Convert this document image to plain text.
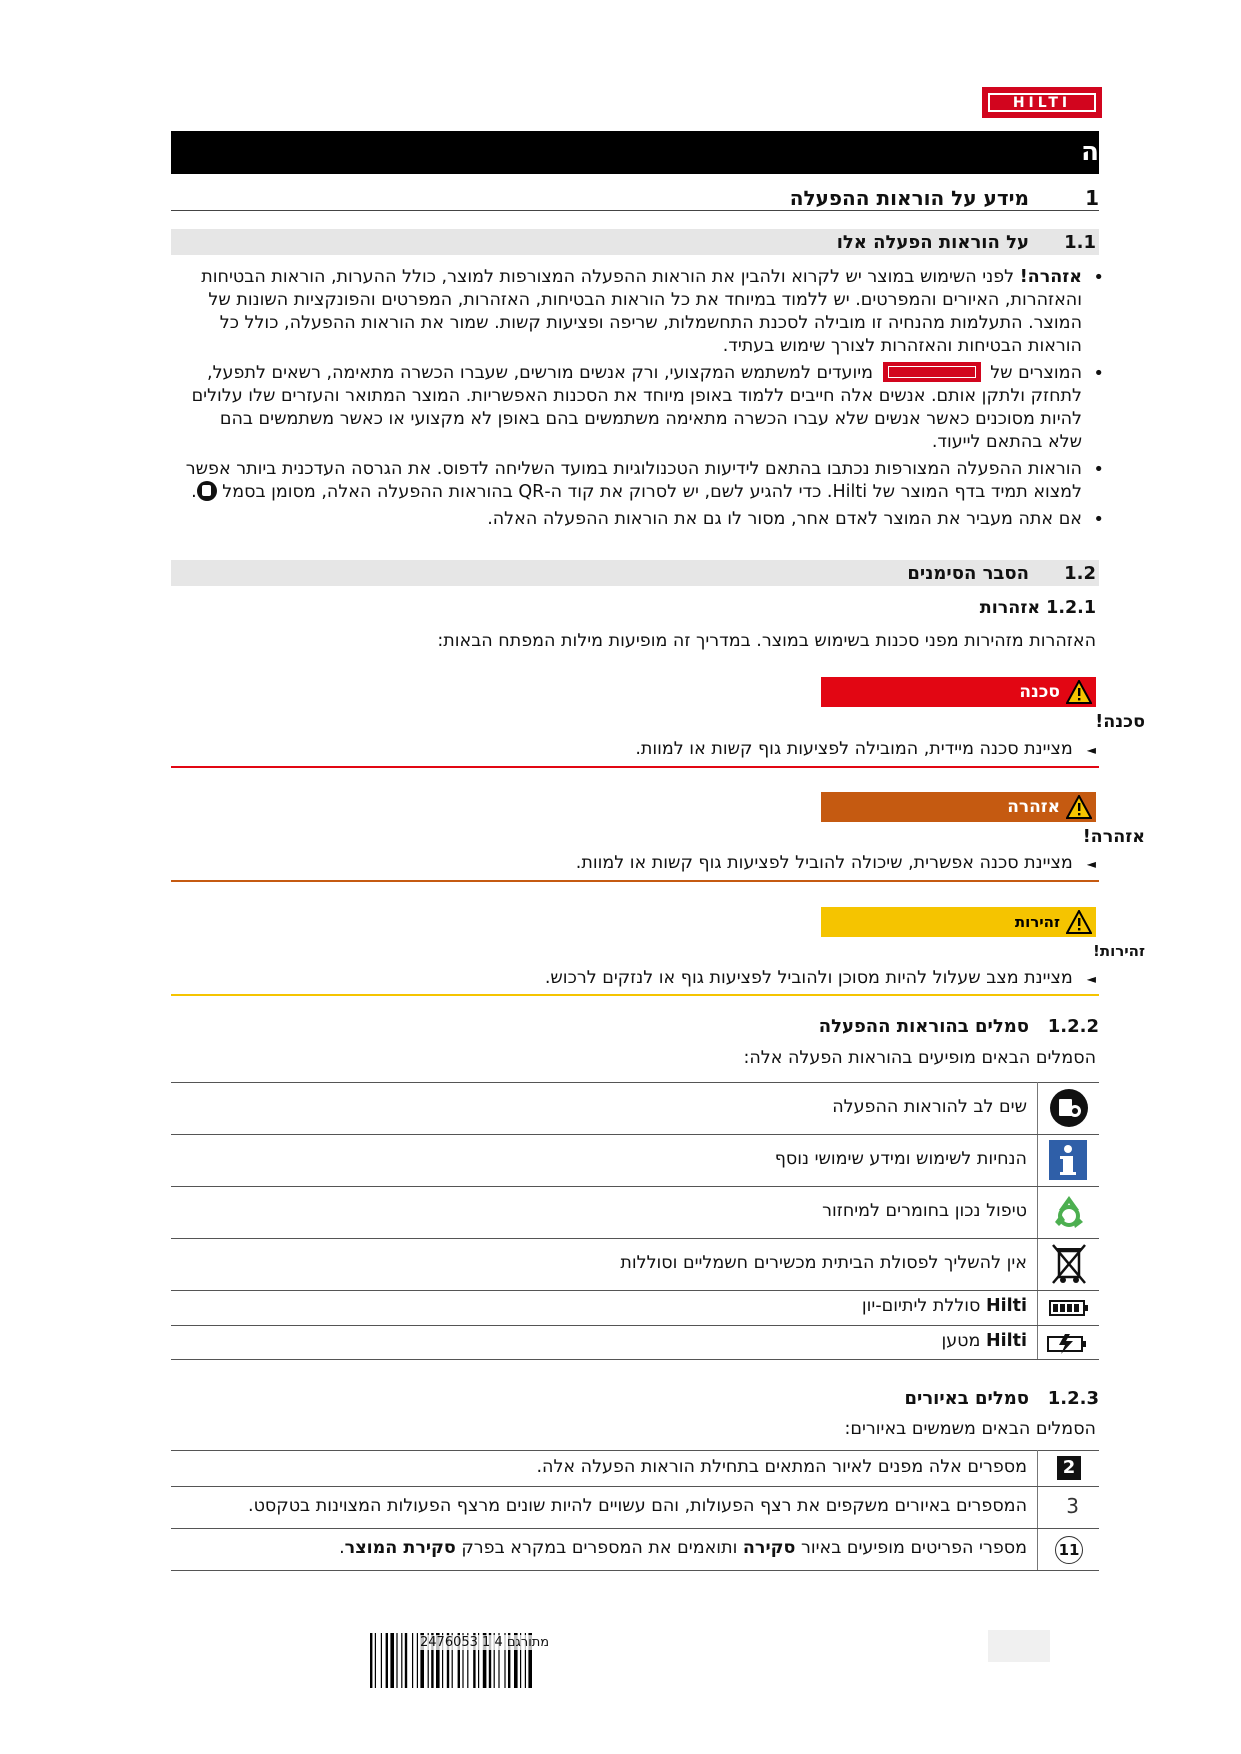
HILTI
ה
1
מידע על הוראות ההפעלה
1.1
על הוראות הפעלה אלו
•
אזהרה! לפני השימוש במוצר יש לקרוא ולהבין את הוראות ההפעלה המצורפות למוצר, כולל ההערות, הוראות הבטיחות
והאזהרות, האיורים והמפרטים. יש ללמוד במיוחד את כל הוראות הבטיחות, האזהרות, המפרטים והפונקציות השונות של
המוצר. התעלמות מהנחיה זו מובילה לסכנת התחשמלות, שריפה ופציעות קשות. שמור את הוראות ההפעלה, כולל כל
הוראות הבטיחות והאזהרות לצורך שימוש בעתיד.
•
המוצרים של
מיועדים למשתמש המקצועי, ורק אנשים מורשים, שעברו הכשרה מתאימה, רשאים לתפעל,
לתחזק ולתקן אותם. אנשים אלה חייבים ללמוד באופן מיוחד את הסכנות האפשריות. המוצר המתואר והעזרים שלו עלולים
להיות מסוכנים כאשר אנשים שלא עברו הכשרה מתאימה משתמשים בהם באופן לא מקצועי או כאשר משתמשים בהם
שלא בהתאם לייעוד.
•
הוראות ההפעלה המצורפות נכתבו בהתאם לידיעות הטכנולוגיות במועד השליחה לדפוס. את הגרסה העדכנית ביותר אפשר
למצוא תמיד בדף המוצר של Hilti. כדי להגיע לשם, יש לסרוק את קוד ה-QR בהוראות ההפעלה האלה, מסומן בסמל
.
•
אם אתה מעביר את המוצר לאדם אחר, מסור לו גם את הוראות ההפעלה האלה.
1.2
הסבר הסימנים
1.2.1 אזהרות
האזהרות מזהירות מפני סכנות בשימוש במוצר. במדריך זה מופיעות מילות המפתח הבאות:
סכנה
סכנה!
◄מציינת סכנה מיידית, המובילה לפציעות גוף קשות או למוות.
אזהרה
אזהרה!
◄מציינת סכנה אפשרית, שיכולה להוביל לפציעות גוף קשות או למוות.
זהירות
זהירות!
◄מציינת מצב שעלול להיות מסוכן ולהוביל לפציעות גוף או לנזקים לרכוש.
1.2.2
סמלים בהוראות ההפעלה
הסמלים הבאים מופיעים בהוראות הפעלה אלה:
שים לב להוראות ההפעלה
הנחיות לשימוש ומידע שימושי נוסף
טיפול נכון בחומרים למיחזור
אין להשליך לפסולת הביתית מכשירים חשמליים וסוללות
Hilti סוללת ליתיום-יון
Hilti מטען
1.2.3
סמלים באיורים
הסמלים הבאים משמשים באיורים:
2
מספרים אלה מפנים לאיור המתאים בתחילת הוראות הפעלה אלה.
3
המספרים באיורים משקפים את רצף הפעולות, והם עשויים להיות שונים מרצף הפעולות המצוינות בטקסט.
11
מספרי הפריטים מופיעים באיור סקירה ותואמים את המספרים במקרא בפרק סקירת המוצר.
2476053 מתורגם 4 1
